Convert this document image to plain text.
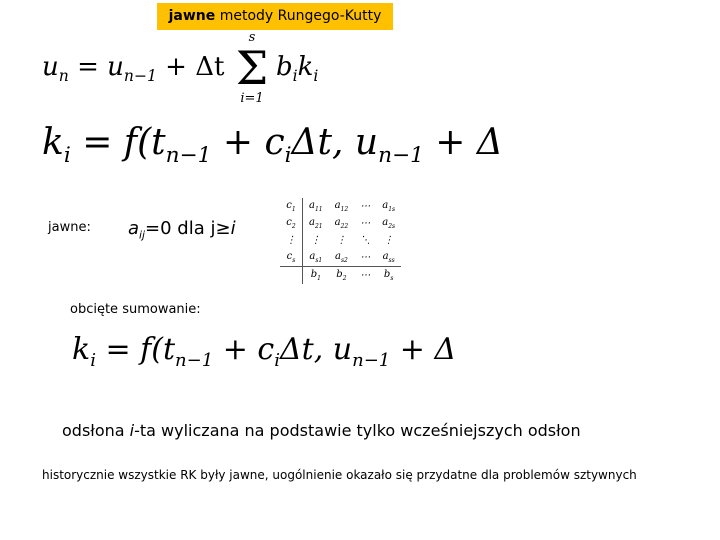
jawne metody Rungego-Kutty
$u_n = u_{n-1} + \Delta t$
s
Σ
i=1
$b_ik_i$
$k_i = f(t_{n-1} + c_i\Delta t$, $u_{n-1} + \Delta$
jawne: $a_{ij}=0$ dla j≥i
$c_1$	$a_{11}$	$a_{12}$	⋯	$a_{1s}$
$c_2$	$a_{21}$	$a_{22}$	⋯	$a_{2s}$
⋮	⋮	⋮	⋱	⋮
$c_s$	$a_{s1}$	$a_{s2}$	⋯	$a_{ss}$
	$b_1$	$b_2$	⋯	$b_s$
obcięte sumowanie:
$k_i = f(t_{n-1} + c_i\Delta t$, $u_{n-1} + \Delta$
odsłona i-ta wyliczana na podstawie tylko wcześniejszych odsłon
historycznie wszystkie RK były jawne, uogólnienie okazało się przydatne dla problemów sztywnych
